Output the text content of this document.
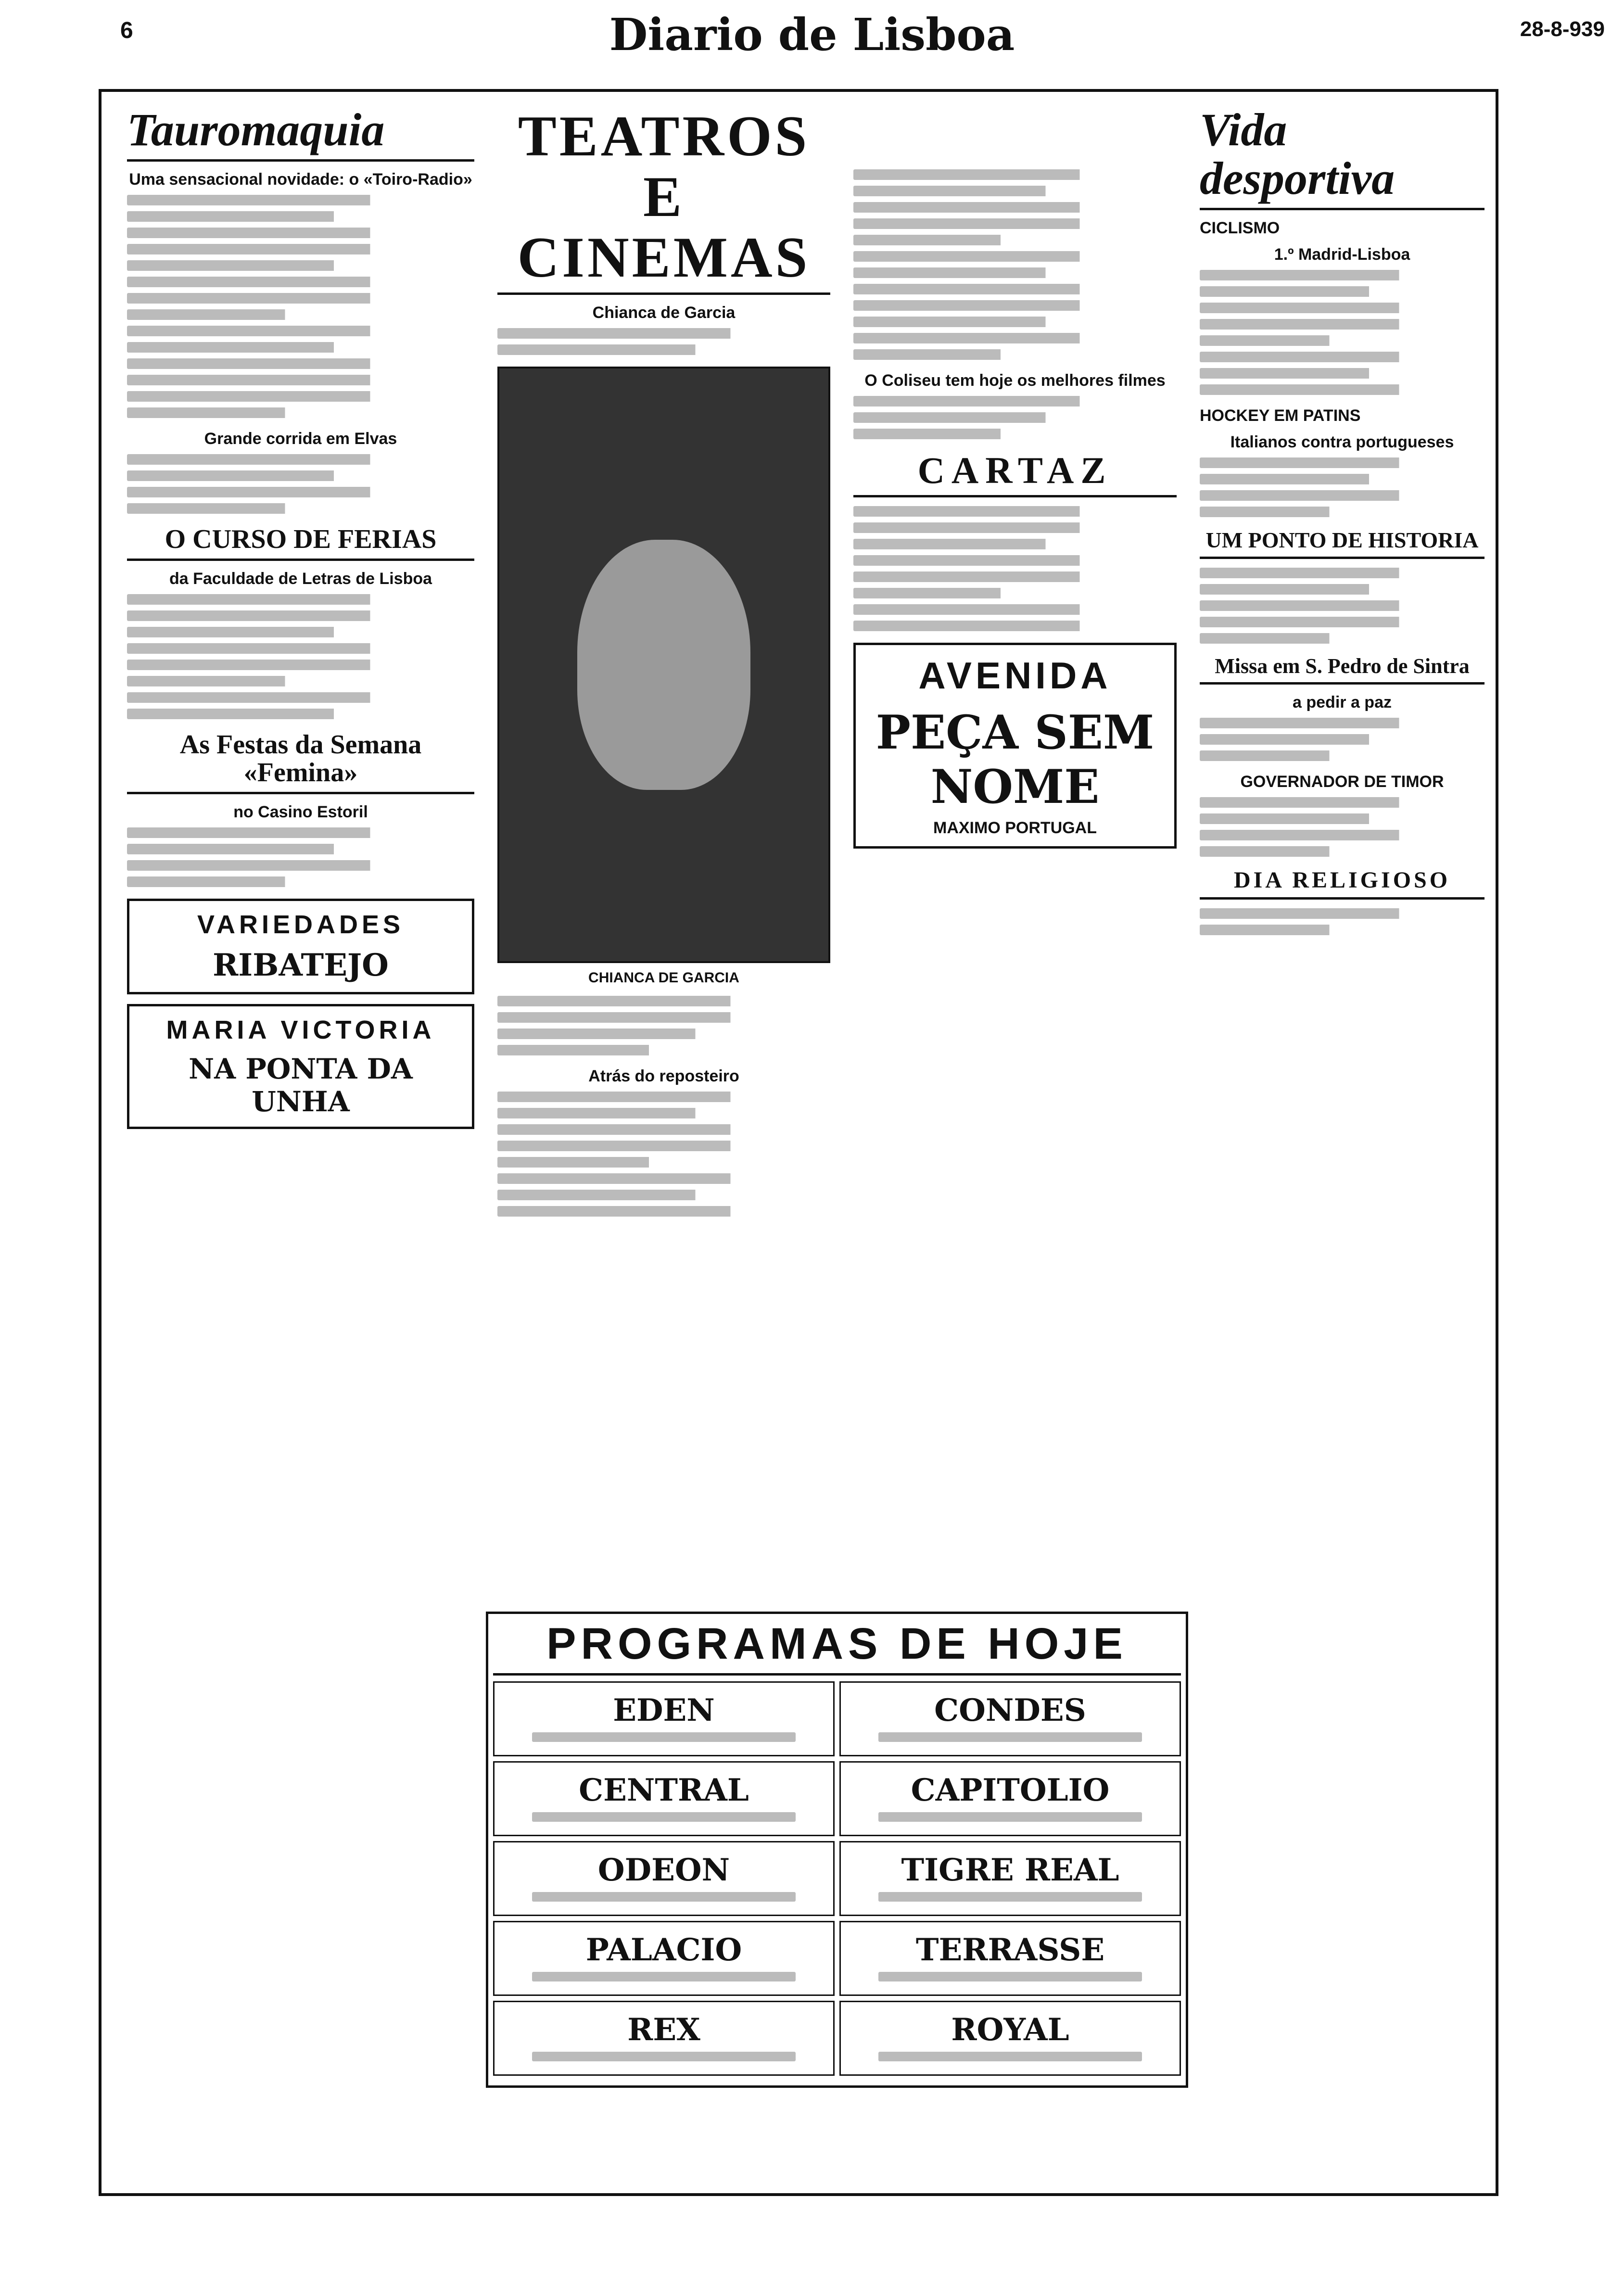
6	Diario de Lisboa	28-8-939
Tauromaquia
Uma sensacional novidade: o «Toiro-Radio»
Grande corrida em Elvas
O CURSO DE FERIAS
da Faculdade de Letras de Lisboa
As Festas da Semana «Femina»
no Casino Estoril
VARIEDADES
RIBATEJO
MARIA VICTORIA
NA PONTA DA UNHA
TEATROS E CINEMAS
Chianca de Garcia
CHIANCA DE GARCIA
Atrás do reposteiro
O Coliseu tem hoje os melhores filmes
CARTAZ
AVENIDA
PEÇA SEM NOME
MAXIMO PORTUGAL
Vida desportiva
CICLISMO
1.º Madrid-Lisboa
HOCKEY EM PATINS
Italianos contra portugueses
UM PONTO DE HISTORIA
Missa em S. Pedro de Sintra
a pedir a paz
GOVERNADOR DE TIMOR
DIA RELIGIOSO
PROGRAMAS DE HOJE
EDEN	CONDES
CENTRAL	CAPITOLIO
ODEON	TIGRE REAL
PALACIO	TERRASSE
REX	ROYAL
